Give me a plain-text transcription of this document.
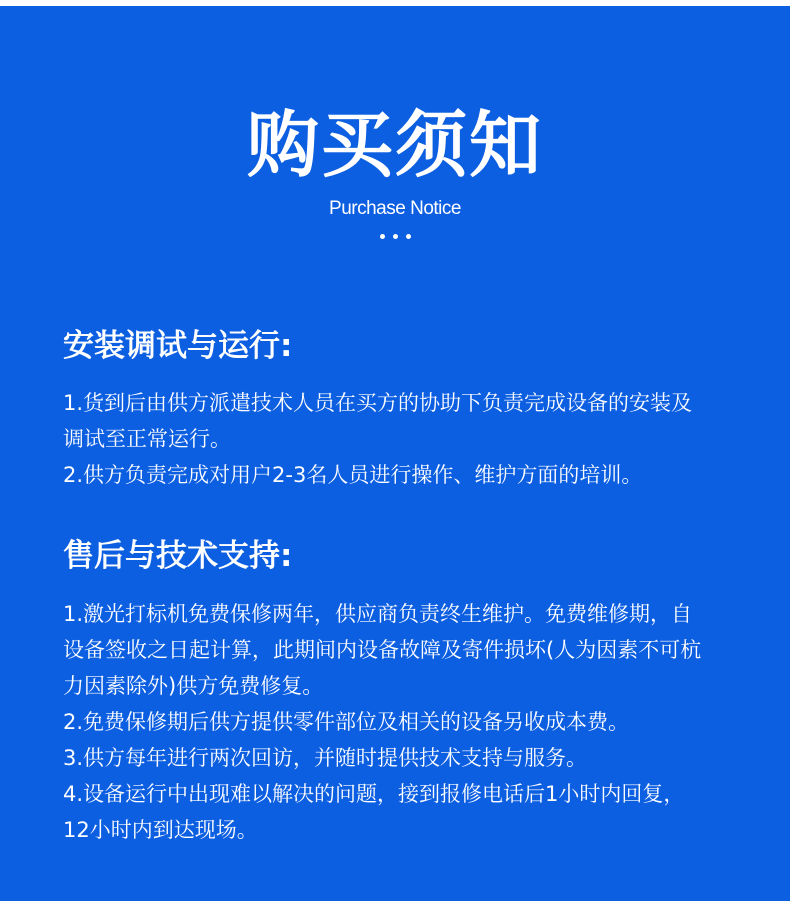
购买须知
Purchase Notice
安装调试与运行:
1.货到后由供方派遣技术人员在买方的协助下负责完成设备的安装及
调试至正常运行。
2.供方负责完成对用户2-3名人员进行操作、维护方面的培训。
售后与技术支持:
1.激光打标机免费保修两年，供应商负责终生维护。免费维修期，自
设备签收之日起计算，此期间内设备故障及寄件损坏(人为因素不可杭
力因素除外)供方免费修复。
2.免费保修期后供方提供零件部位及相关的设备另收成本费。
3.供方每年进行两次回访，并随时提供技术支持与服务。
4.设备运行中出现难以解决的问题，接到报修电话后1小时内回复，
12小时内到达现场。
